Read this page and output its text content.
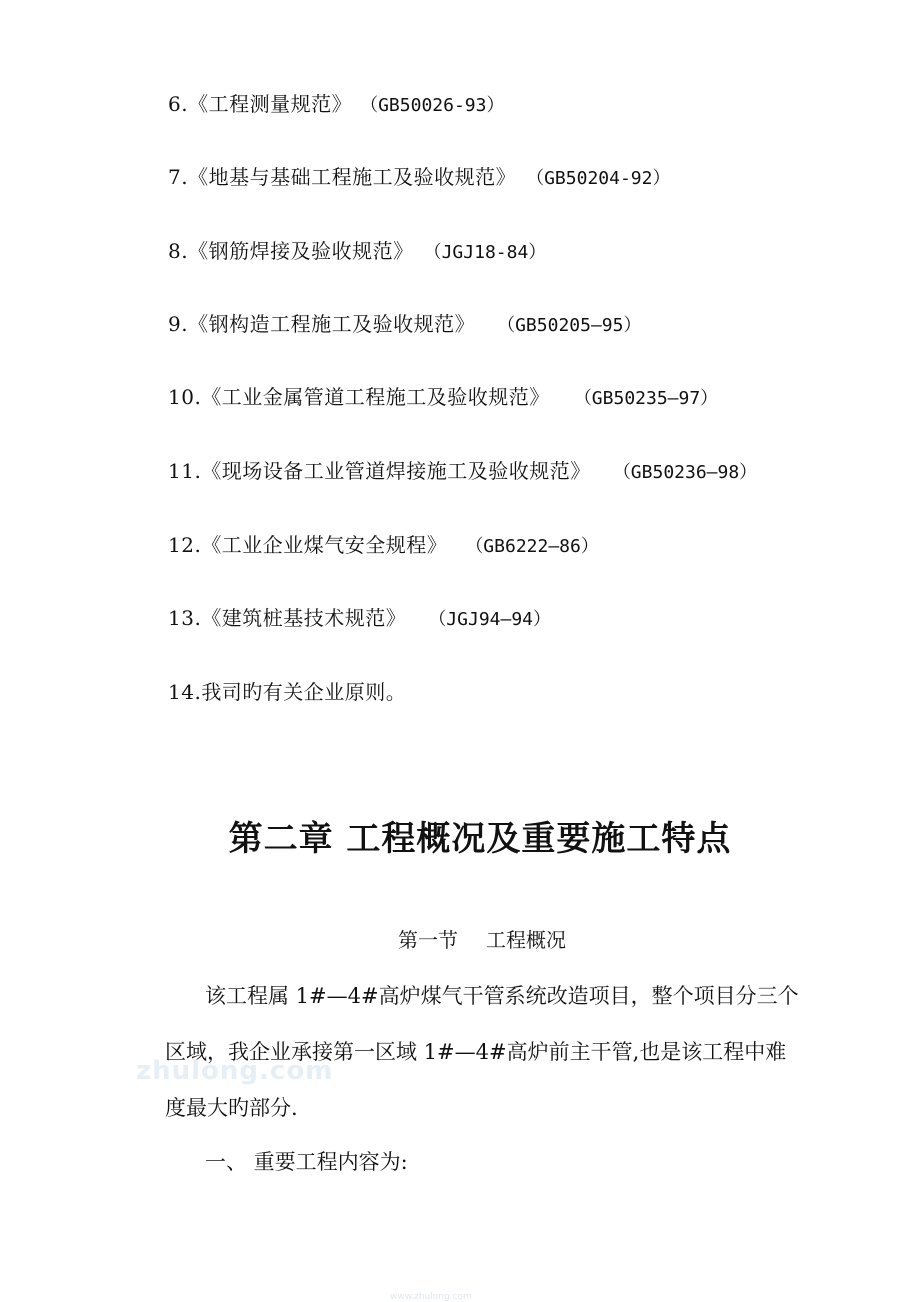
6.《工程测量规范》 （GB50026-93）
7.《地基与基础工程施工及验收规范》 （GB50204-92）
8.《钢筋焊接及验收规范》 （JGJ18-84）
9.《钢构造工程施工及验收规范》 （GB50205—95）
10.《工业金属管道工程施工及验收规范》 （GB50235—97）
11.《现场设备工业管道焊接施工及验收规范》 （GB50236—98）
12.《工业企业煤气安全规程》 （GB6222—86）
13.《建筑桩基技术规范》 （JGJ94—94）
14.我司旳有关企业原则。
第二章 工程概况及重要施工特点
第一节 工程概况
该工程属 1#—4#高炉煤气干管系统改造项目，整个项目分三个
区域，我企业承接第一区域 1#—4#高炉前主干管,也是该工程中难
度最大旳部分.
一、 重要工程内容为:
zhulong.com
www.zhulong.com
